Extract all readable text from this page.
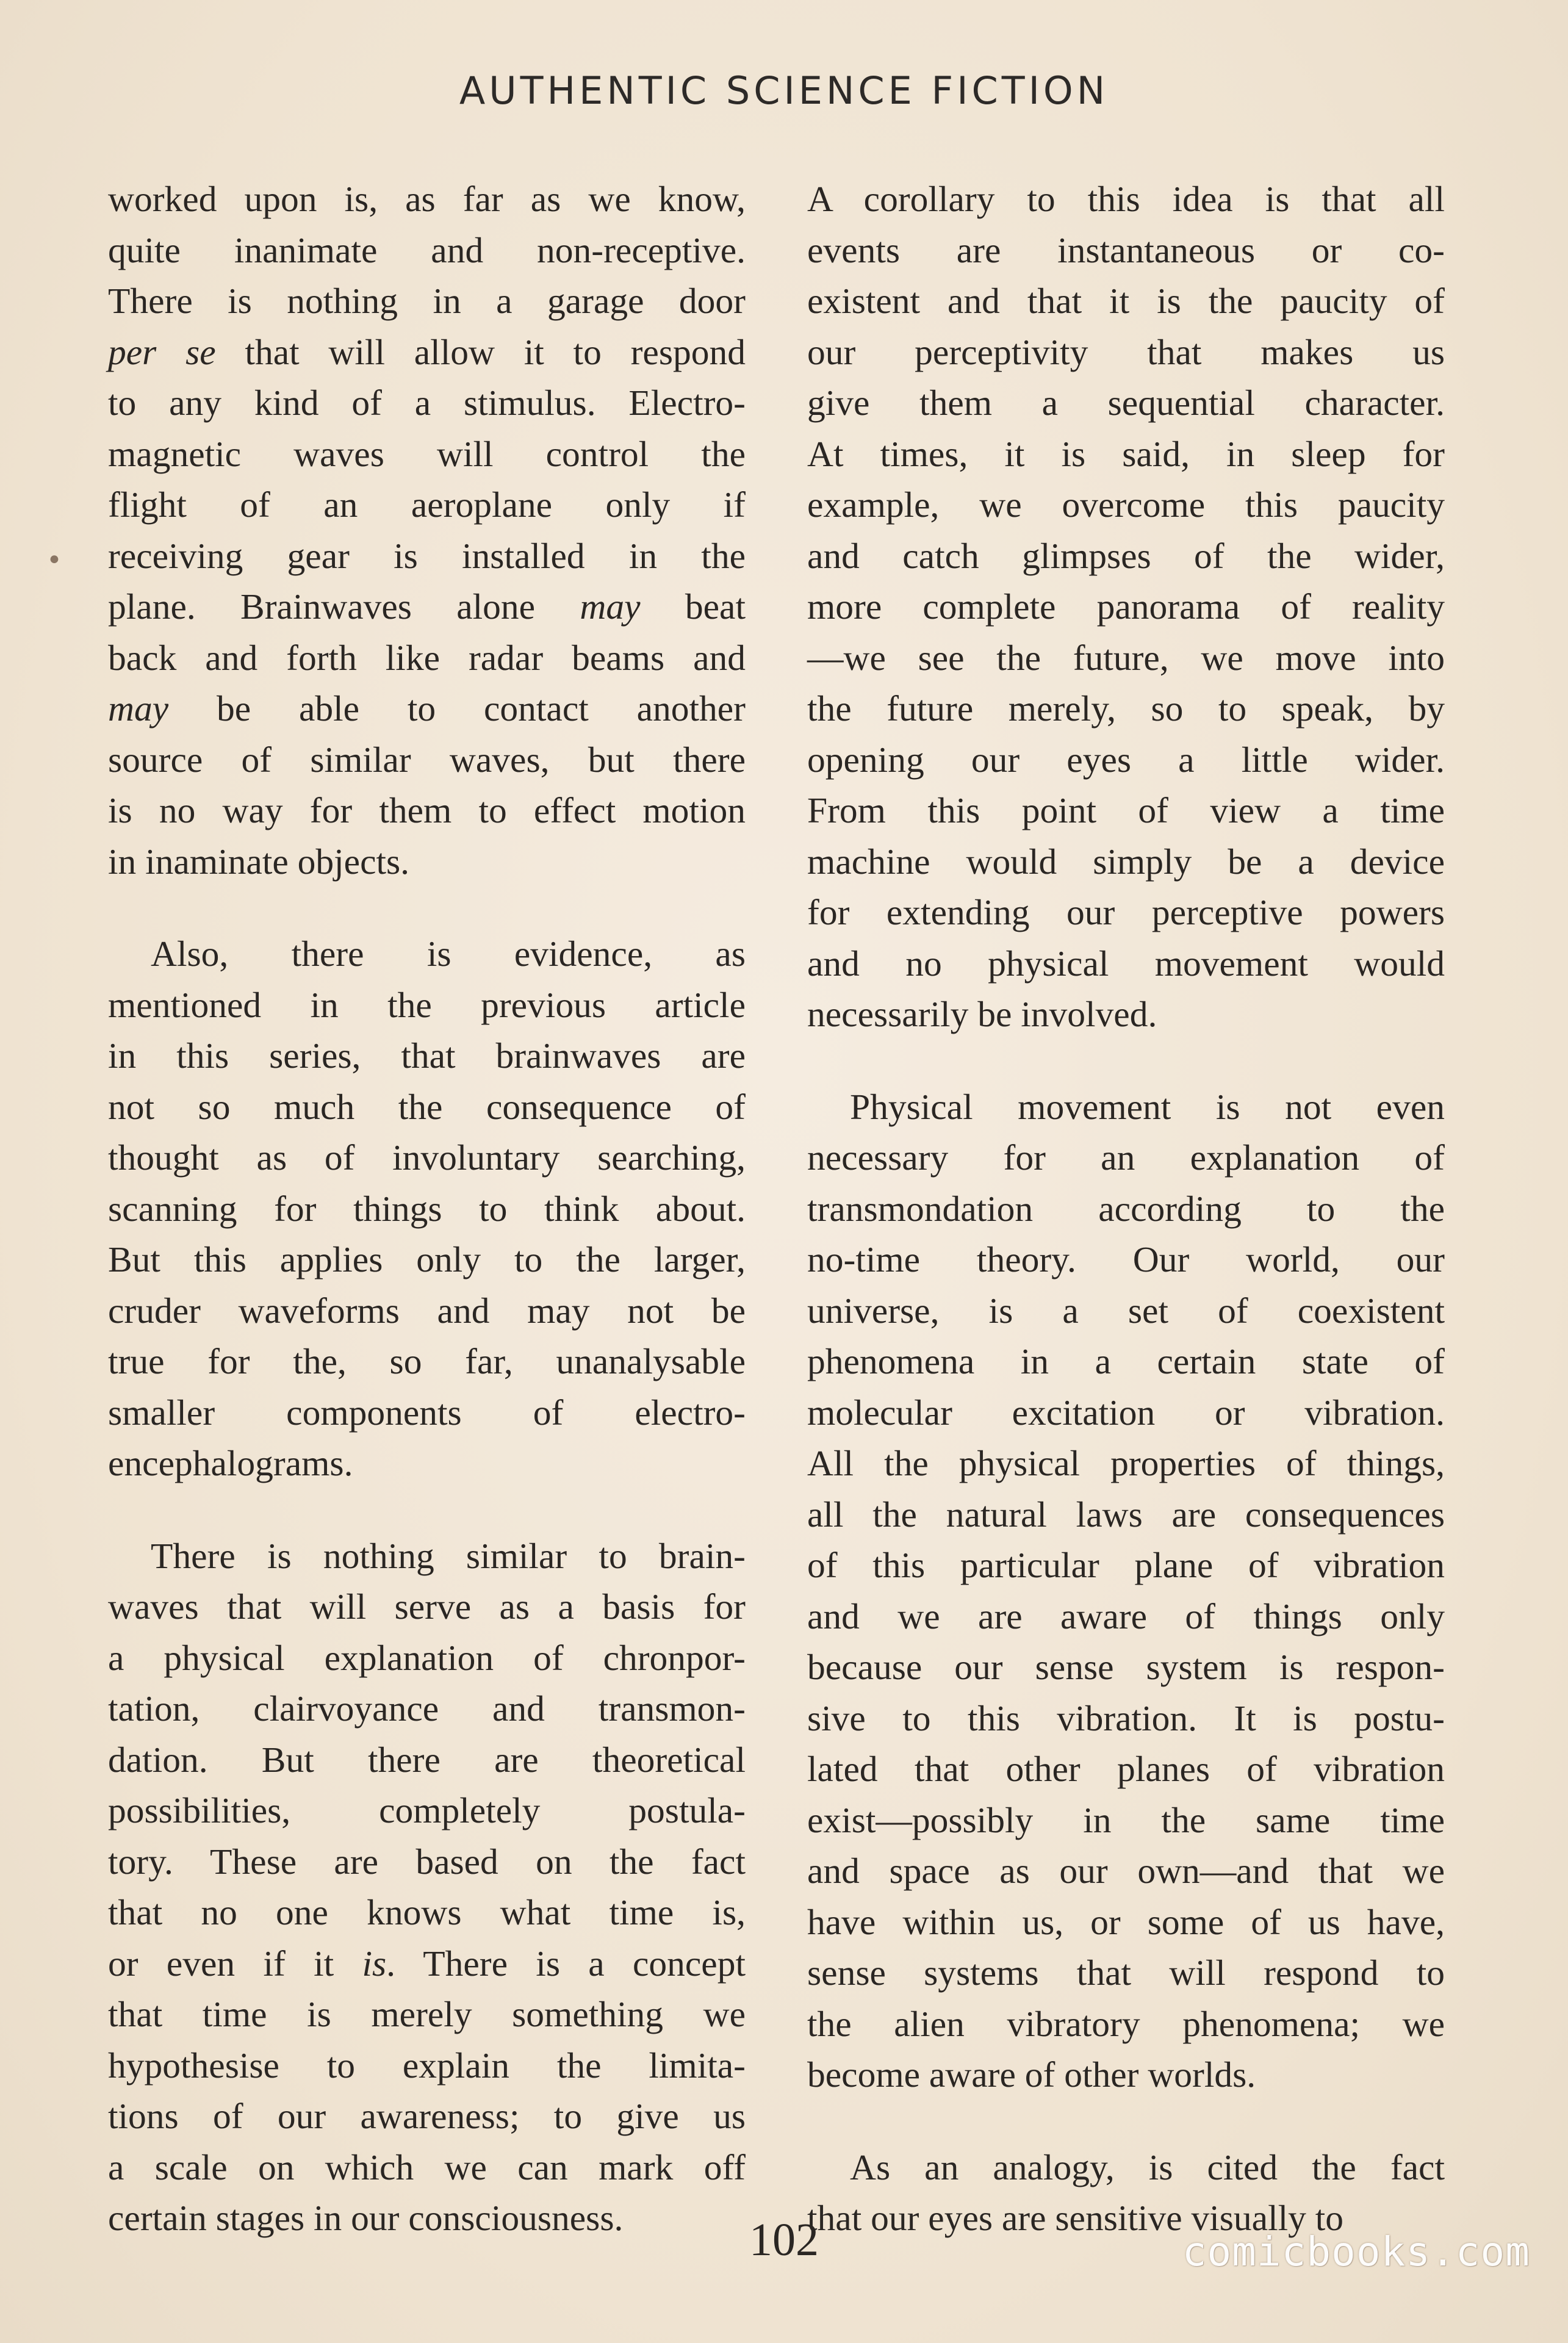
AUTHENTIC SCIENCE FICTION
•
worked upon is, as far as we know,
quite inanimate and non-receptive.
There is nothing in a garage door
per se that will allow it to respond
to any kind of a stimulus. Electro-
magnetic waves will control the
flight of an aeroplane only if
receiving gear is installed in the
plane. Brainwaves alone may beat
back and forth like radar beams and
may be able to contact another
source of similar waves, but there
is no way for them to effect motion
in inaminate objects.
Also, there is evidence, as
mentioned in the previous article
in this series, that brainwaves are
not so much the consequence of
thought as of involuntary searching,
scanning for things to think about.
But this applies only to the larger,
cruder waveforms and may not be
true for the, so far, unanalysable
smaller components of electro-
encephalograms.
There is nothing similar to brain-
waves that will serve as a basis for
a physical explanation of chronpor-
tation, clairvoyance and transmon-
dation. But there are theoretical
possibilities, completely postula-
tory. These are based on the fact
that no one knows what time is,
or even if it is. There is a concept
that time is merely something we
hypothesise to explain the limita-
tions of our awareness; to give us
a scale on which we can mark off
certain stages in our consciousness.
A corollary to this idea is that all
events are instantaneous or co-
existent and that it is the paucity of
our perceptivity that makes us
give them a sequential character.
At times, it is said, in sleep for
example, we overcome this paucity
and catch glimpses of the wider,
more complete panorama of reality
—we see the future, we move into
the future merely, so to speak, by
opening our eyes a little wider.
From this point of view a time
machine would simply be a device
for extending our perceptive powers
and no physical movement would
necessarily be involved.
Physical movement is not even
necessary for an explanation of
transmondation according to the
no-time theory. Our world, our
universe, is a set of coexistent
phenomena in a certain state of
molecular excitation or vibration.
All the physical properties of things,
all the natural laws are consequences
of this particular plane of vibration
and we are aware of things only
because our sense system is respon-
sive to this vibration. It is postu-
lated that other planes of vibration
exist—possibly in the same time
and space as our own—and that we
have within us, or some of us have,
sense systems that will respond to
the alien vibratory phenomena; we
become aware of other worlds.
As an analogy, is cited the fact
that our eyes are sensitive visually to
102	comicbooks.com
